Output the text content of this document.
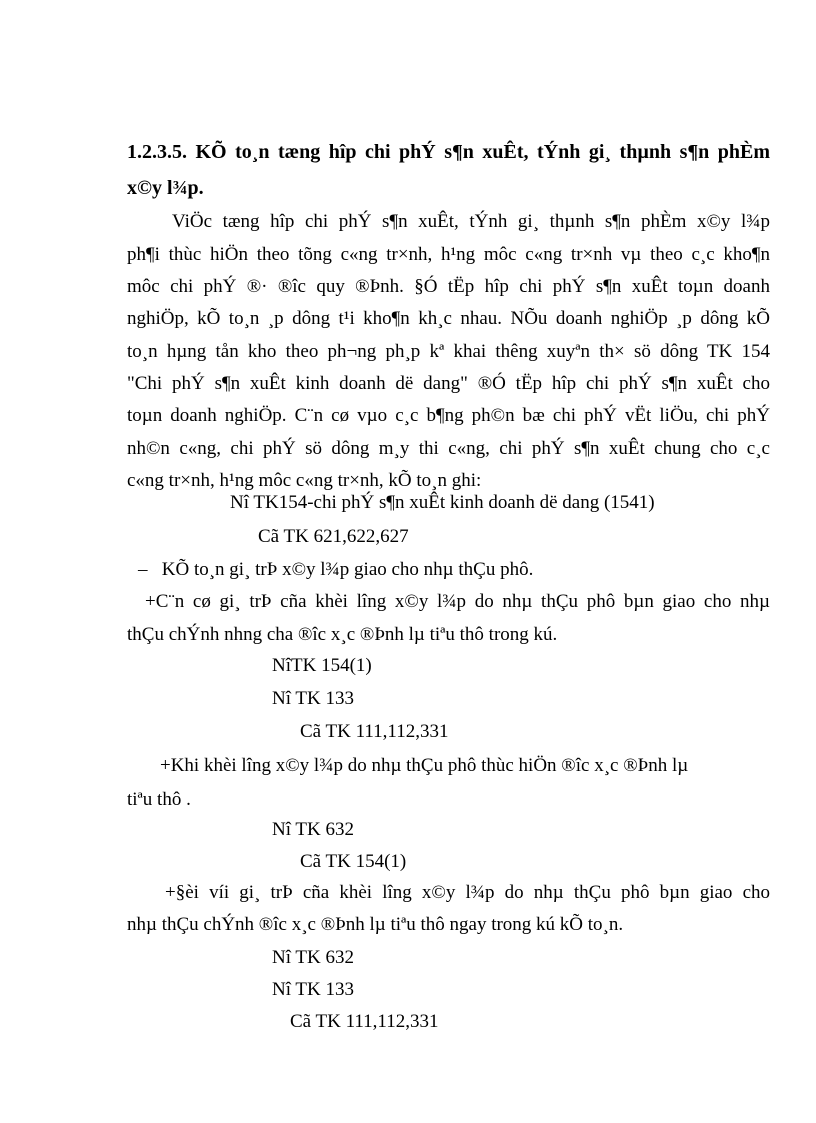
1.2.3.5. KÕ to¸n tæng hîp chi phÝ s¶n xuÊt, tÝnh gi¸ thµnh s¶n phÈm
x©y l¾p.
ViÖc tæng hîp chi phÝ s¶n xuÊt, tÝnh gi¸ thµnh s¶n phÈm x©y l¾p
ph¶i thùc hiÖn theo tõng c«ng tr×nh, h¹ng môc c«ng tr×nh vµ theo c¸c kho¶n
môc chi phÝ ®· ®îc quy ®Þnh. §Ó tËp hîp chi phÝ s¶n xuÊt toµn doanh
nghiÖp, kÕ to¸n ¸p dông t¹i kho¶n kh¸c nhau. NÕu doanh nghiÖp ¸p dông kÕ
to¸n hµng tån kho theo ph¬ng ph¸p kª khai thêng xuyªn th× sö dông TK 154
"Chi phÝ s¶n xuÊt kinh doanh dë dang" ®Ó tËp hîp chi phÝ s¶n xuÊt cho
toµn doanh nghiÖp. C¨n cø vµo c¸c b¶ng ph©n bæ chi phÝ vËt liÖu, chi phÝ
nh©n c«ng, chi phÝ sö dông m¸y thi c«ng, chi phÝ s¶n xuÊt chung cho c¸c
c«ng tr×nh, h¹ng môc c«ng tr×nh, kÕ to¸n ghi:
Nî TK154-chi phÝ s¶n xuÊt kinh doanh dë dang (1541)
Cã TK 621,622,627
–   KÕ to¸n gi¸ trÞ x©y l¾p giao cho nhµ thÇu phô.
+C¨n cø gi¸ trÞ cña khèi lîng x©y l¾p do nhµ thÇu phô bµn giao cho nhµ
thÇu chÝnh nhng cha ®îc x¸c ®Þnh lµ tiªu thô trong kú.
NîTK 154(1)
Nî TK 133
Cã TK 111,112,331
+Khi khèi lîng x©y l¾p do nhµ thÇu phô thùc hiÖn ®îc x¸c ®Þnh lµ
tiªu thô .
Nî TK 632
Cã TK 154(1)
+§èi víi gi¸ trÞ cña khèi lîng x©y l¾p do nhµ thÇu phô bµn giao cho
nhµ thÇu chÝnh ®îc x¸c ®Þnh lµ tiªu thô ngay trong kú kÕ to¸n.
Nî TK 632
Nî TK 133
Cã TK 111,112,331
